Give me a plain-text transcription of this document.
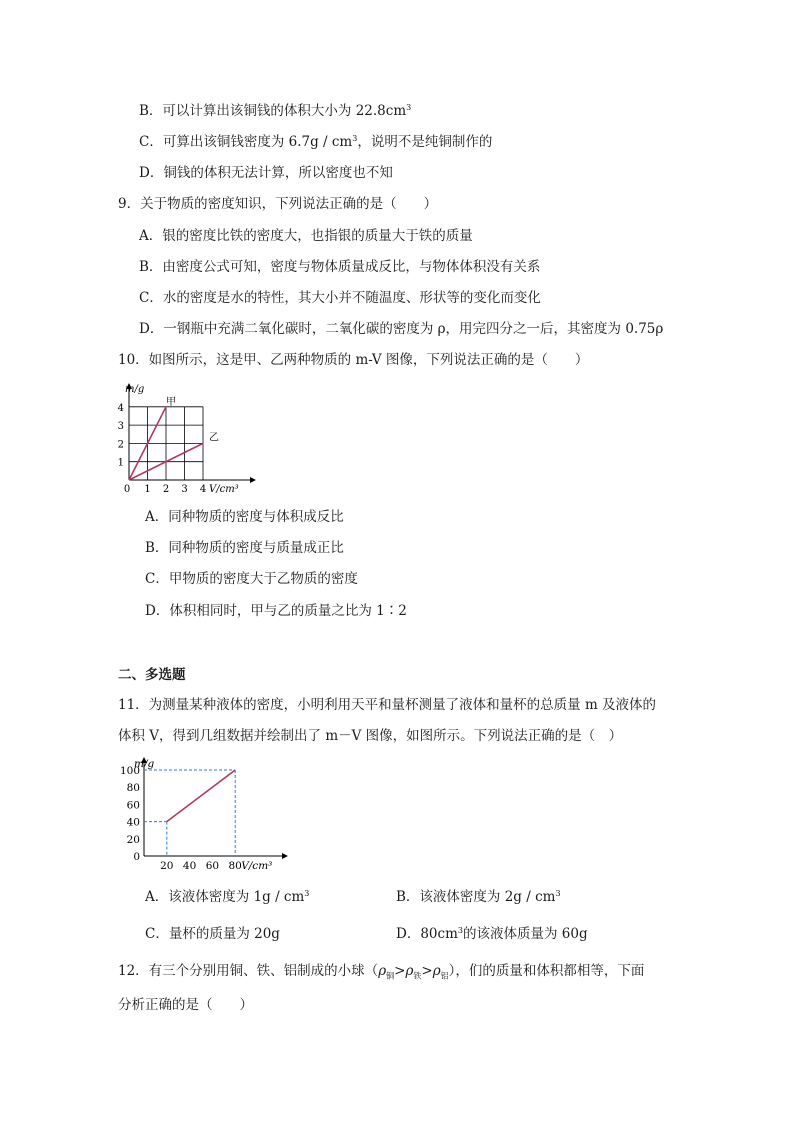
B．可以计算出该铜钱的体积大小为 $22.8cm^3$
C．可算出该铜钱密度为 $6.7g / cm^3$，说明不是纯铜制作的
D．铜钱的体积无法计算，所以密度也不知
9．关于物质的密度知识，下列说法正确的是（　　）
A．银的密度比铁的密度大，也指银的质量大于铁的质量
B．由密度公式可知，密度与物体质量成反比，与物体体积没有关系
C．水的密度是水的特性，其大小并不随温度、形状等的变化而变化
D．一钢瓶中充满二氧化碳时，二氧化碳的密度为 ρ，用完四分之一后，其密度为 0.75ρ
10．如图所示，这是甲、乙两种物质的 m-V 图像，下列说法正确的是（　　）
0 1 2 3 4
1
2
3
4
V/cm³
m/g
甲
乙
A．同种物质的密度与体积成反比
B．同种物质的密度与质量成正比
C．甲物质的密度大于乙物质的密度
D．体积相同时，甲与乙的质量之比为 1∶2
二、多选题
11．为测量某种液体的密度，小明利用天平和量杯测量了液体和量杯的总质量 m 及液体的
体积 V，得到几组数据并绘制出了 m－V 图像，如图所示。下列说法正确的是（　）
20 40 60 80
0
20
40
60
80
100
V/cm³
m/g
A．该液体密度为 $1g / cm^3$	B．该液体密度为 $2g / cm^3$
C．量杯的质量为 20g	D．$80cm^3$的该液体质量为 60g
12．有三个分别用铜、铁、铝制成的小球$(\rho_铜>\rho_铁>\rho_铝)$，们的质量和体积都相等，下面
分析正确的是（　　）
